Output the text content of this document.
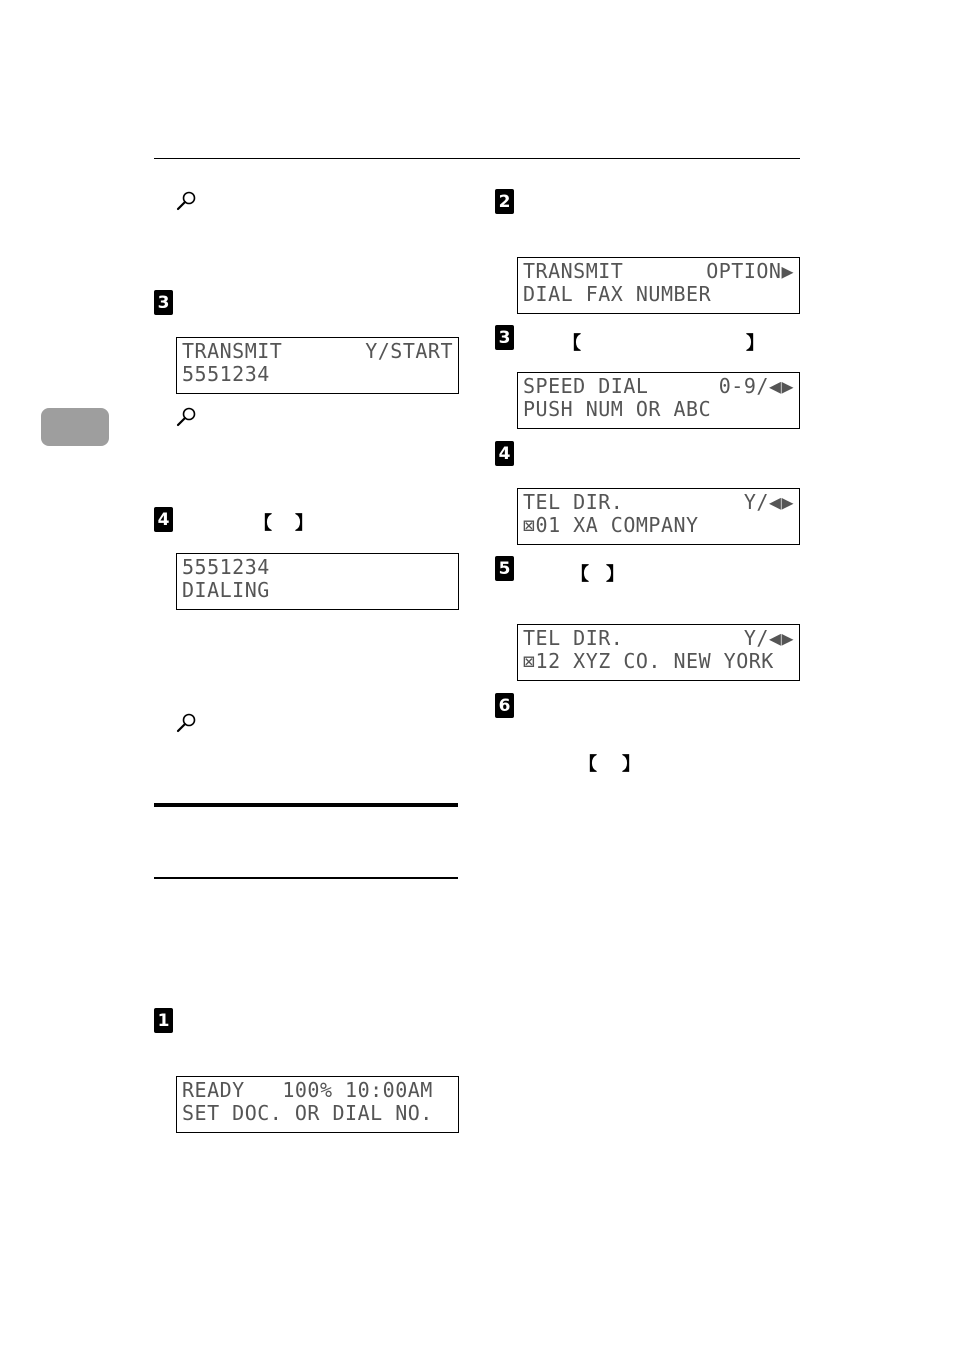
3
TRANSMIT	Y/START
5551234
4	【 】
5551234
DIALING
1
READY   100% 10:00AM
SET DOC. OR DIAL NO.
2
TRANSMIT	OPTION▶
DIAL FAX NUMBER
3	【	】
SPEED DIAL	0-9/◀▶
PUSH NUM OR ABC
4
TEL DIR.	Y/◀▶
⊠01 XA COMPANY
5	【 】
TEL DIR.	Y/◀▶
⊠12 XYZ CO. NEW YORK
6
【 】
